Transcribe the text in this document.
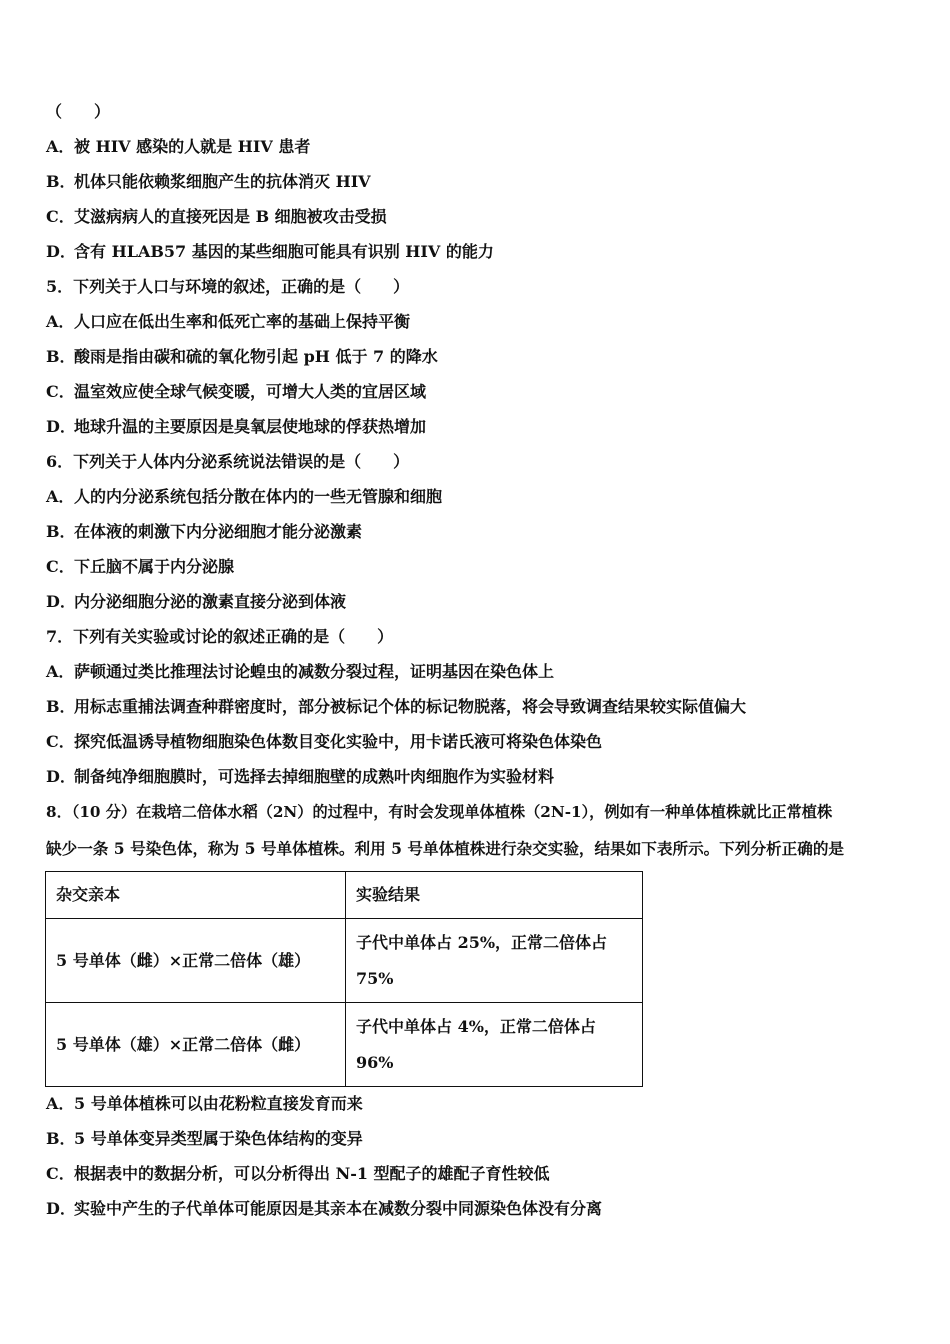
（　　）
A．被 HIV 感染的人就是 HIV 患者
B．机体只能依赖浆细胞产生的抗体消灭 HIV
C．艾滋病病人的直接死因是 B 细胞被攻击受损
D．含有 HLAB57 基因的某些细胞可能具有识别 HIV 的能力
5．下列关于人口与环境的叙述，正确的是（　　）
A．人口应在低出生率和低死亡率的基础上保持平衡
B．酸雨是指由碳和硫的氧化物引起 pH 低于 7 的降水
C．温室效应使全球气候变暖，可增大人类的宜居区域
D．地球升温的主要原因是臭氧层使地球的俘获热增加
6．下列关于人体内分泌系统说法错误的是（　　）
A．人的内分泌系统包括分散在体内的一些无管腺和细胞
B．在体液的刺激下内分泌细胞才能分泌激素
C．下丘脑不属于内分泌腺
D．内分泌细胞分泌的激素直接分泌到体液
7．下列有关实验或讨论的叙述正确的是（　　）
A．萨顿通过类比推理法讨论蝗虫的减数分裂过程，证明基因在染色体上
B．用标志重捕法调查种群密度时，部分被标记个体的标记物脱落，将会导致调查结果较实际值偏大
C．探究低温诱导植物细胞染色体数目变化实验中，用卡诺氏液可将染色体染色
D．制备纯净细胞膜时，可选择去掉细胞壁的成熟叶肉细胞作为实验材料
8．（10 分）在栽培二倍体水稻（2N）的过程中，有时会发现单体植株（2N-1），例如有一种单体植株就比正常植株
缺少一条 5 号染色体，称为 5 号单体植株。利用 5 号单体植株进行杂交实验，结果如下表所示。下列分析正确的是
杂交亲本	实验结果
5 号单体（雌）×正常二倍体（雄）	子代中单体占 25%，正常二倍体占
75%

5 号单体（雄）×正常二倍体（雌）	子代中单体占 4%，正常二倍体占
96%
A．5 号单体植株可以由花粉粒直接发育而来
B．5 号单体变异类型属于染色体结构的变异
C．根据表中的数据分析，可以分析得出 N-1 型配子的雄配子育性较低
D．实验中产生的子代单体可能原因是其亲本在减数分裂中同源染色体没有分离
